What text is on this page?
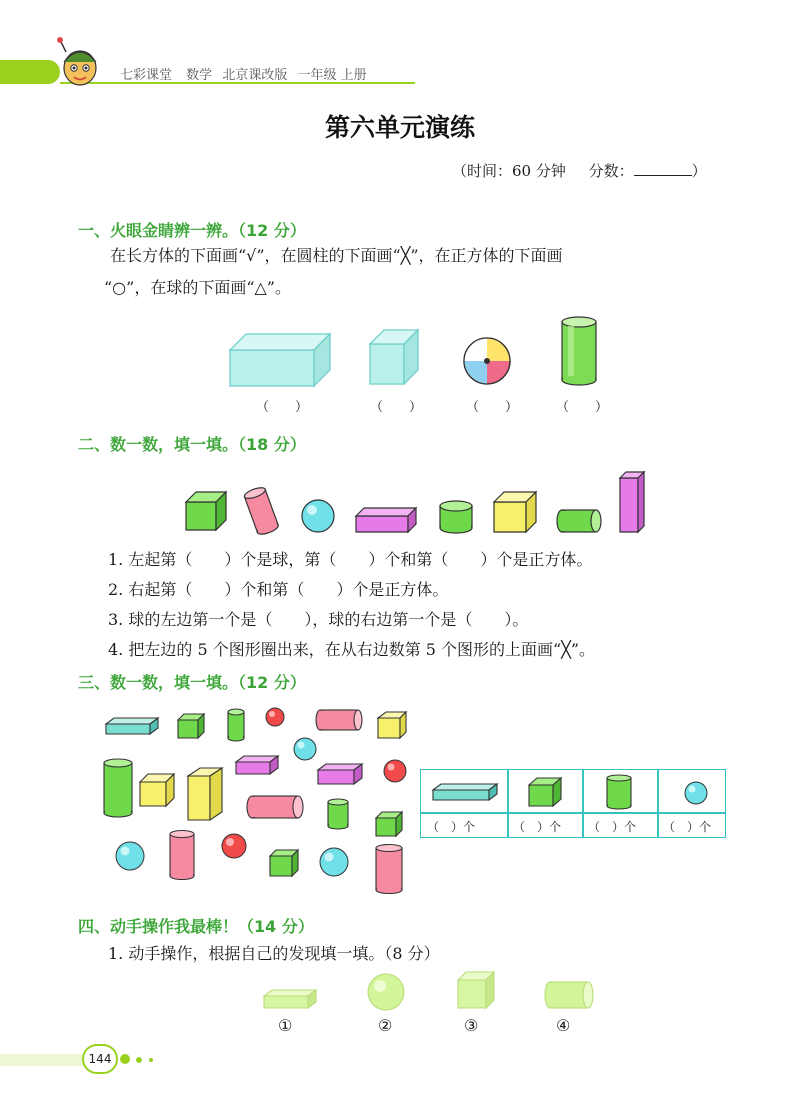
七彩课堂 数学 北京课改版 一年级 上册
第六单元演练
（时间：60 分钟 分数：	）
一、火眼金睛辨一辨。（12 分）
在长方体的下面画“√”，在圆柱的下面画“╳”，在正方体的下面画
“○”，在球的下面画“△”。
（　　）	（　　）	（　　）	（　　）
二、数一数，填一填。（18 分）
1. 左起第（　　）个是球，第（　　）个和第（　　）个是正方体。
2. 右起第（　　）个和第（　　）个是正方体。
3. 球的左边第一个是（　　），球的右边第一个是（　　）。
4. 把左边的 5 个图形圈出来，在从右边数第 5 个图形的上面画“╳”。
三、数一数，填一填。（12 分）
（　）个	（　）个 （　）个 （　）个
四、动手操作我最棒！（14 分）
1. 动手操作，根据自己的发现填一填。（8 分）
①	②	③	④
144
